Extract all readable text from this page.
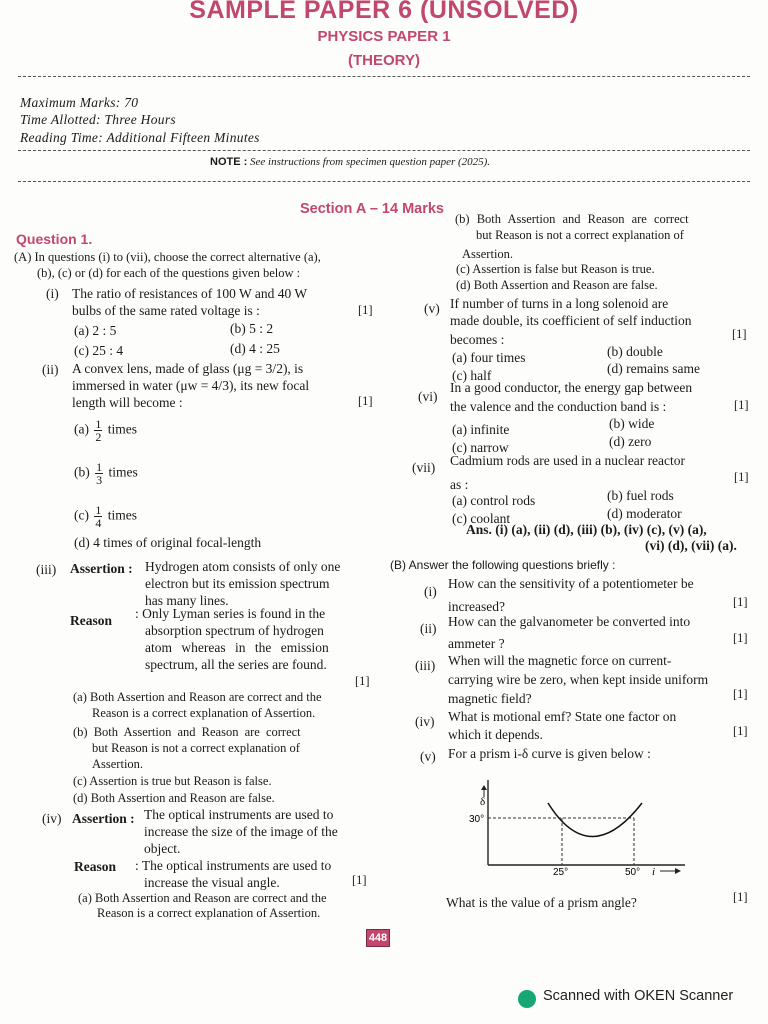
SAMPLE PAPER 6 (UNSOLVED)
PHYSICS PAPER 1
(THEORY)
Maximum Marks: 70
Time Allotted: Three Hours
Reading Time: Additional Fifteen Minutes
NOTE : See instructions from specimen question paper (2025).
Section A – 14 Marks
Question 1.
(A) In questions (i) to (vii), choose the correct alternative (a),
(b), (c) or (d) for each of the questions given below :
(i) The ratio of resistances of 100 W and 40 W
bulbs of the same rated voltage is :	[1]
(a) 2 : 5	(b) 5 : 2
(c) 25 : 4	(d) 4 : 25
(ii) A convex lens, made of glass (μg = 3/2), is
immersed in water (μw = 4/3), its new focal
length will become :	[1]
$(a) \frac{1}{2}$ times
$(b) \frac{1}{3}$ times
$(c) \frac{1}{4}$ times
(d) 4 times of original focal-length
(iii) Assertion : Hydrogen atom consists of only one
electron but its emission spectrum
has many lines.
Reason : Only Lyman series is found in the
absorption spectrum of hydrogen
atom whereas in the emission
spectrum, all the series are found.
[1]
(a) Both Assertion and Reason are correct and the
Reason is a correct explanation of Assertion.
(b) Both Assertion and Reason are correct
but Reason is not a correct explanation of
Assertion.
(c) Assertion is true but Reason is false.
(d) Both Assertion and Reason are false.
(iv) Assertion : The optical instruments are used to
increase the size of the image of the
object.
Reason : The optical instruments are used to
increase the visual angle.	[1]
(a) Both Assertion and Reason are correct and the
Reason is a correct explanation of Assertion.
(b) Both Assertion and Reason are correct
but Reason is not a correct explanation of
Assertion.
(c) Assertion is false but Reason is true.
(d) Both Assertion and Reason are false.
(v) If number of turns in a long solenoid are
made double, its coefficient of self induction
becomes :	[1]
(a) four times	(b) double
(c) half	(d) remains same
(vi)
In a good conductor, the energy gap between
the valence and the conduction band is :	[1]
(a) infinite	(b) wide
(c) narrow	(d) zero
(vii) Cadmium rods are used in a nuclear reactor
as :	[1]
(a) control rods	(b) fuel rods
(c) coolant	(d) moderator
Ans. (i) (a), (ii) (d), (iii) (b), (iv) (c), (v) (a),
(vi) (d), (vii) (a).
(B) Answer the following questions briefly :
(i)
How can the sensitivity of a potentiometer be
increased?	[1]
(ii) How can the galvanometer be converted into
ammeter ?	[1]
(iii) When will the magnetic force on current-
carrying wire be zero, when kept inside uniform
magnetic field?	[1]
(iv) What is motional emf? State one factor on
which it depends.	[1]
(v) For a prism i-δ curve is given below :
δ
30°
25°	50° i
What is the value of a prism angle?	[1]
448
Scanned with OKEN Scanner
